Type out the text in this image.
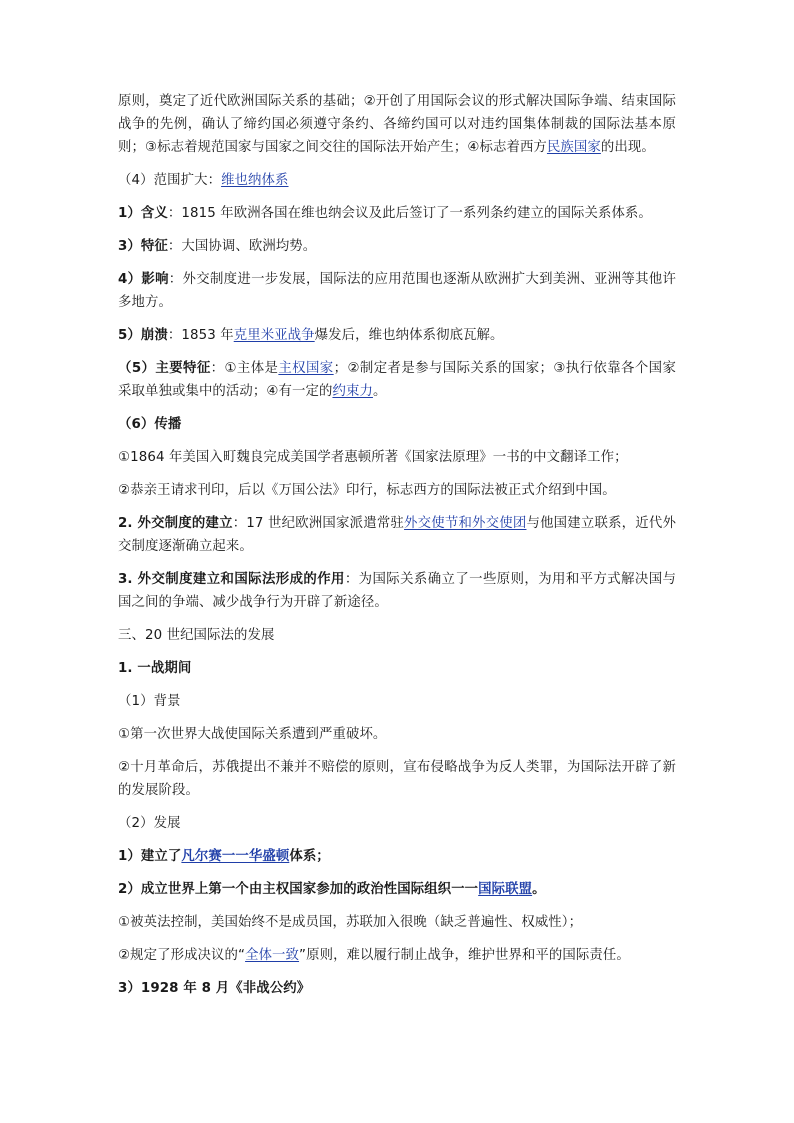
原则，奠定了近代欧洲国际关系的基础；②开创了用国际会议的形式解决国际争端、结束国际战争的先例，确认了缔约国必须遵守条约、各缔约国可以对违约国集体制裁的国际法基本原则；③标志着规范国家与国家之间交往的国际法开始产生；④标志着西方民族国家的出现。

（4）范围扩大：维也纳体系

1）含义：1815 年欧洲各国在维也纳会议及此后签订了一系列条约建立的国际关系体系。

3）特征：大国协调、欧洲均势。

4）影响：外交制度进一步发展，国际法的应用范围也逐渐从欧洲扩大到美洲、亚洲等其他许多地方。

5）崩溃：1853 年克里米亚战争爆发后，维也纳体系彻底瓦解。

（5）主要特征：①主体是主权国家；②制定者是参与国际关系的国家；③执行依靠各个国家采取单独或集中的活动；④有一定的约束力。

（6）传播

①1864 年美国入町魏良完成美国学者惠顿所著《国家法原理》一书的中文翻译工作；

②恭亲王请求刊印，后以《万国公法》印行，标志西方的国际法被正式介绍到中国。

2. 外交制度的建立：17 世纪欧洲国家派遣常驻外交使节和外交使团与他国建立联系，近代外交制度逐渐确立起来。

3. 外交制度建立和国际法形成的作用：为国际关系确立了一些原则，为用和平方式解决国与国之间的争端、减少战争行为开辟了新途径。

三、20 世纪国际法的发展

1. 一战期间

（1）背景

①第一次世界大战使国际关系遭到严重破坏。

②十月革命后，苏俄提出不兼并不赔偿的原则，宣布侵略战争为反人类罪，为国际法开辟了新的发展阶段。

（2）发展

1）建立了凡尔赛一一华盛顿体系；

2）成立世界上第一个由主权国家参加的政治性国际组织一一国际联盟。

①被英法控制，美国始终不是成员国，苏联加入很晚（缺乏普遍性、权威性）；

②规定了形成决议的“全体一致”原则，难以履行制止战争，维护世界和平的国际责任。

3）1928 年 8 月《非战公约》
